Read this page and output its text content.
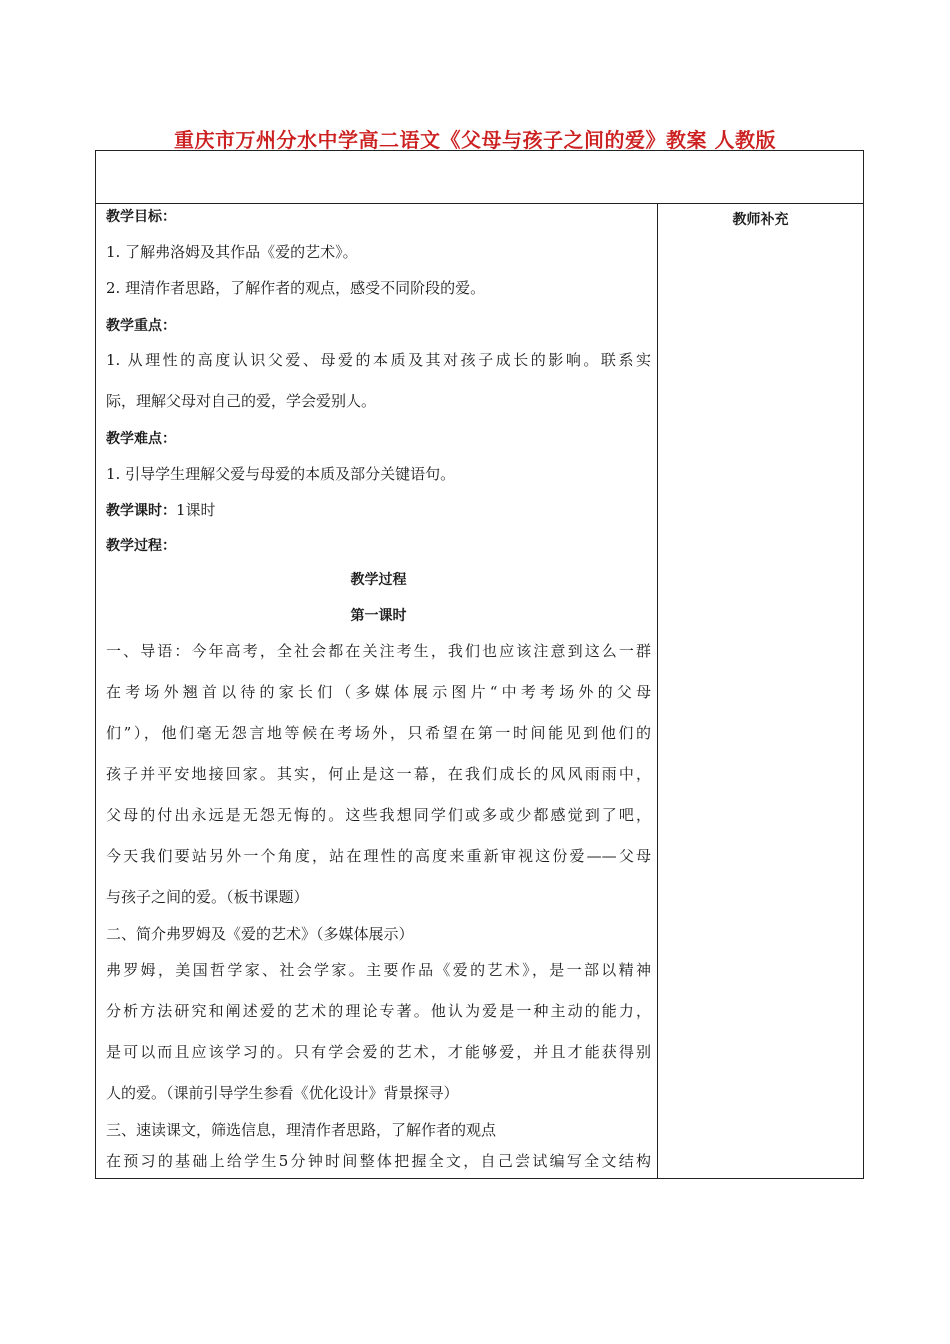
重庆市万州分水中学高二语文《父母与孩子之间的爱》教案 人教版
教师补充
教学目标：
1. 了解弗洛姆及其作品《爱的艺术》。
2. 理清作者思路，了解作者的观点，感受不同阶段的爱。
教学重点：
1. 从理性的高度认识父爱、母爱的本质及其对孩子成长的影响。联系实
际，理解父母对自己的爱，学会爱别人。
教学难点：
1. 引导学生理解父爱与母爱的本质及部分关键语句。
教学课时：1课时
教学过程：
教学过程
第一课时
一、导语：今年高考，全社会都在关注考生，我们也应该注意到这么一群
在考场外翘首以待的家长们（多媒体展示图片“中考考场外的父母
们”），他们毫无怨言地等候在考场外，只希望在第一时间能见到他们的
孩子并平安地接回家。其实，何止是这一幕，在我们成长的风风雨雨中，
父母的付出永远是无怨无悔的。这些我想同学们或多或少都感觉到了吧，
今天我们要站另外一个角度，站在理性的高度来重新审视这份爱——父母
与孩子之间的爱。（板书课题）
二、简介弗罗姆及《爱的艺术》（多媒体展示）
弗罗姆，美国哲学家、社会学家。主要作品《爱的艺术》，是一部以精神
分析方法研究和阐述爱的艺术的理论专著。他认为爱是一种主动的能力，
是可以而且应该学习的。只有学会爱的艺术，才能够爱，并且才能获得别
人的爱。（课前引导学生参看《优化设计》背景探寻）
三、速读课文，筛选信息，理清作者思路，了解作者的观点
在预习的基础上给学生5分钟时间整体把握全文，自己尝试编写全文结构
